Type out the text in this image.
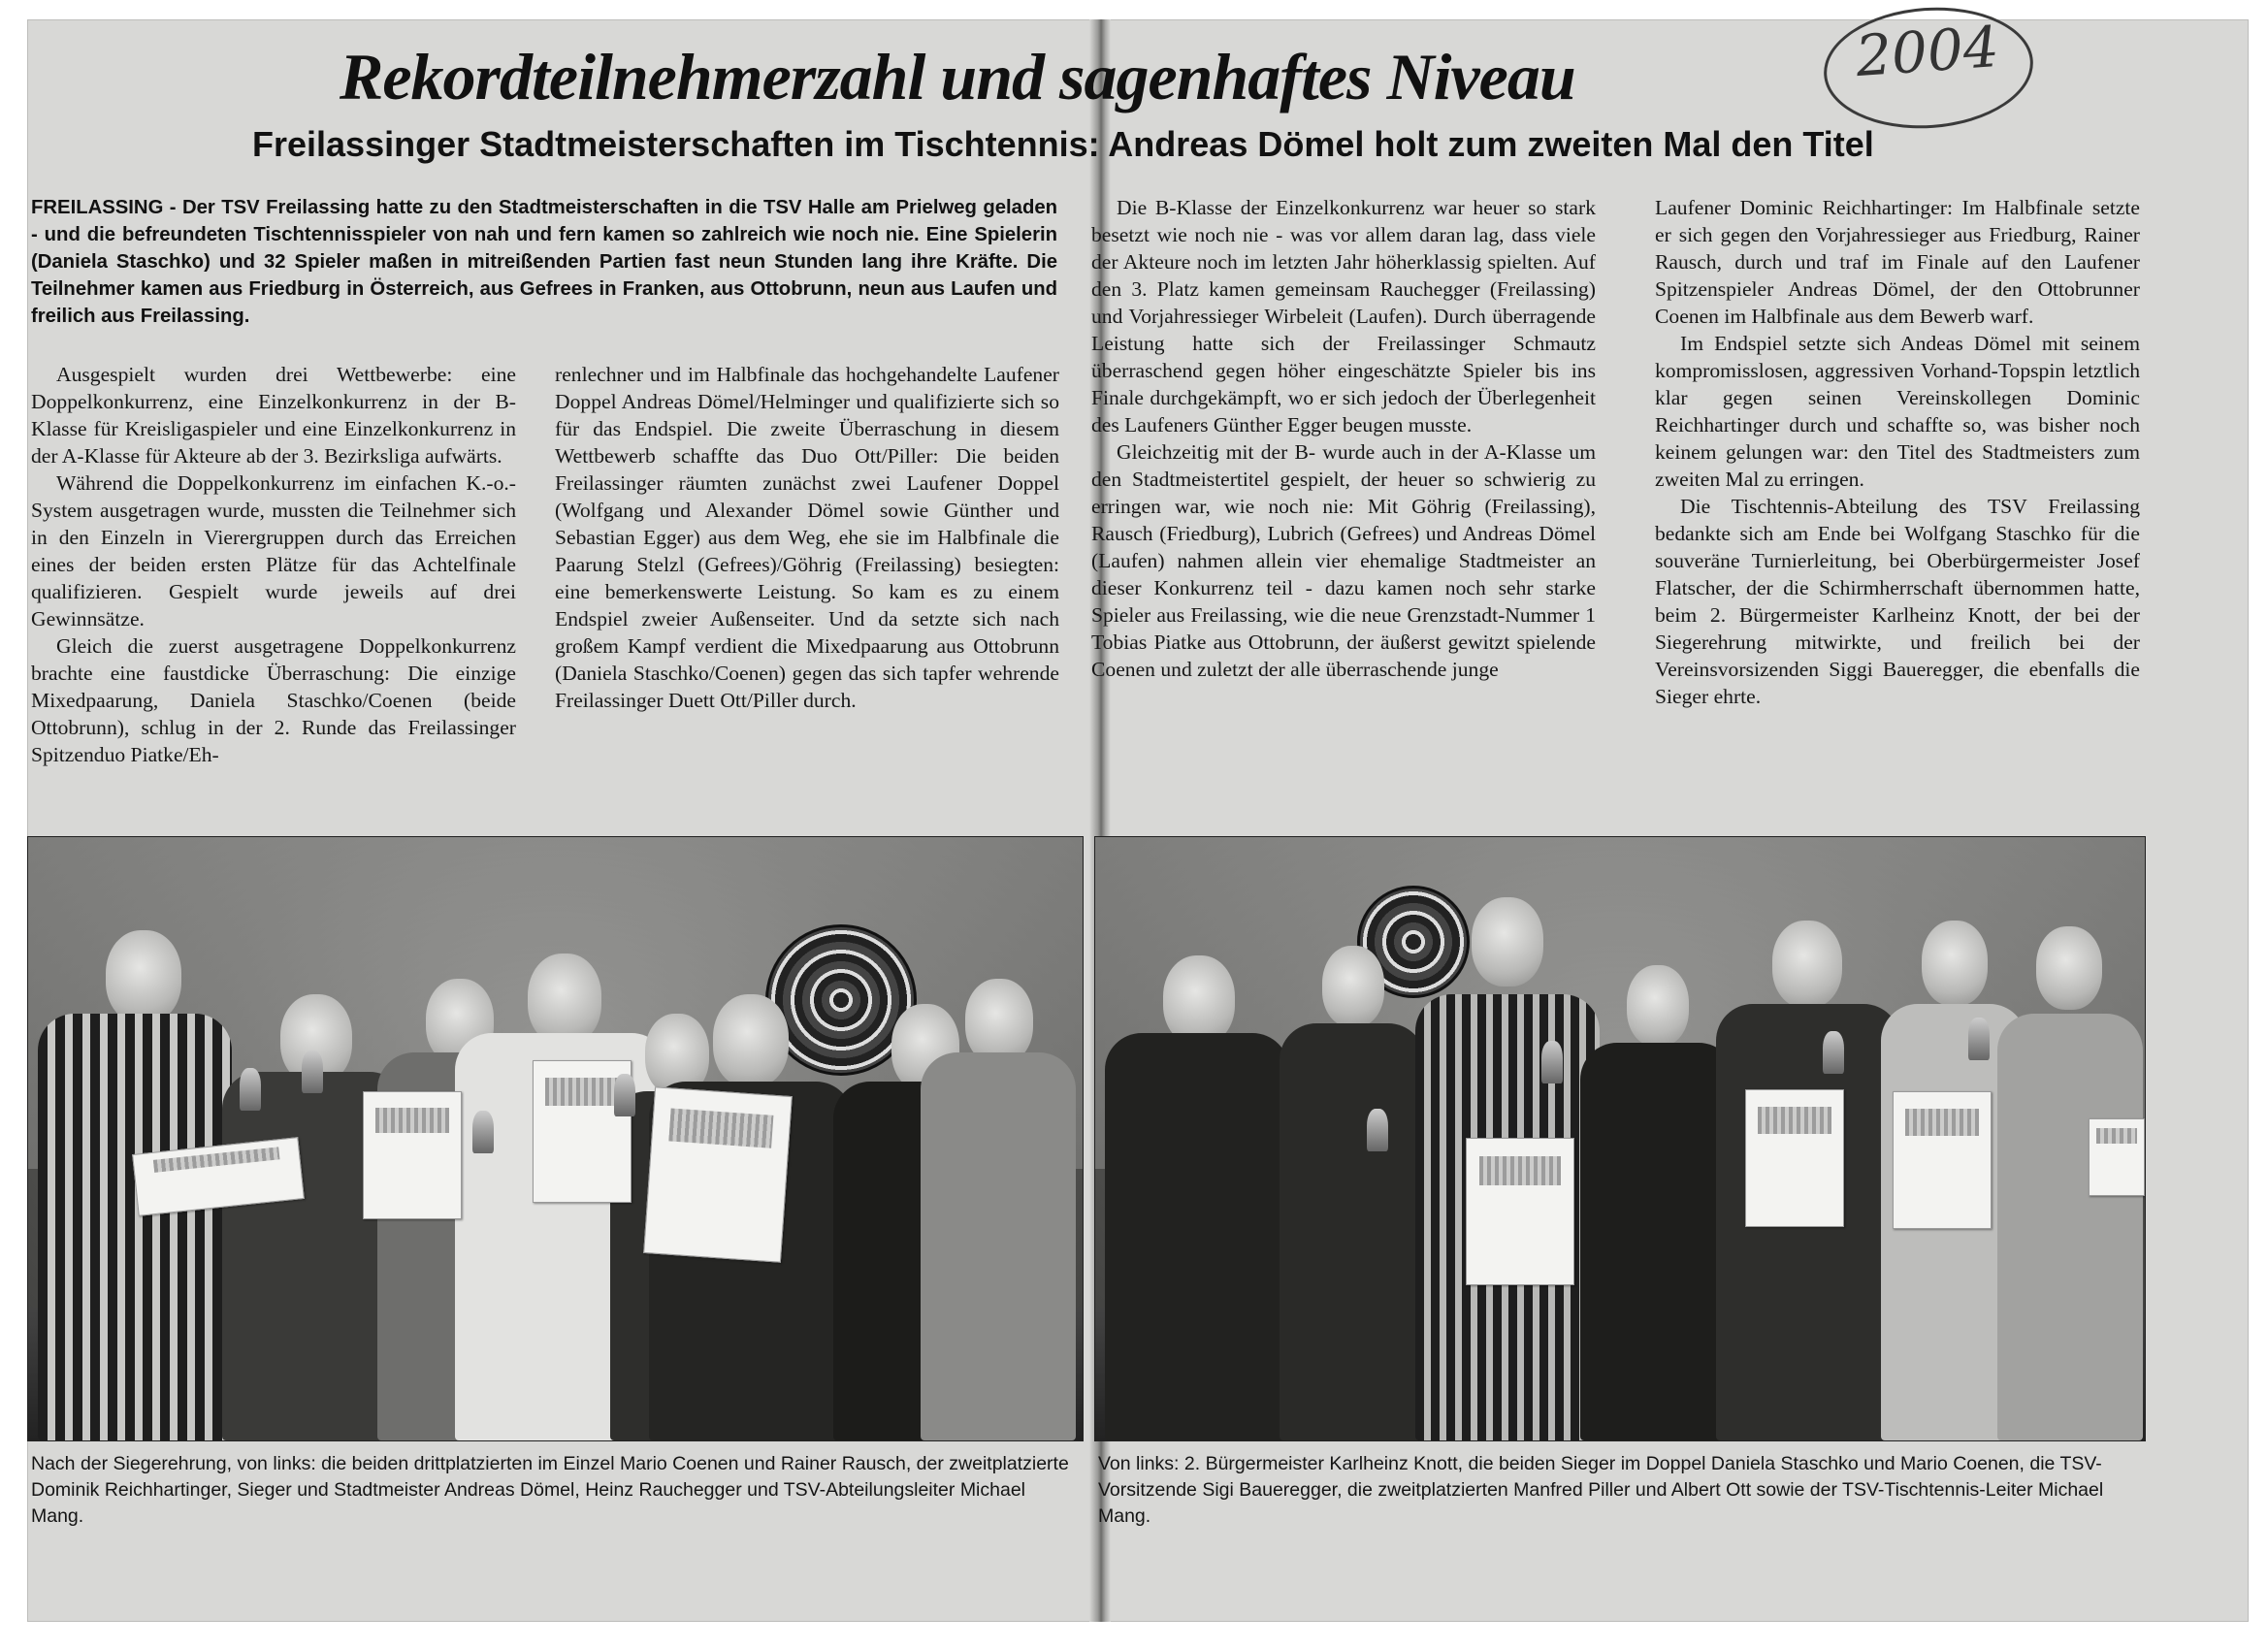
2004
Rekordteilnehmerzahl und sagenhaftes Niveau
Freilassinger Stadtmeisterschaften im Tischtennis: Andreas Dömel holt zum zweiten Mal den Titel
FREILASSING - Der TSV Freilassing hatte zu den Stadtmeisterschaften in die TSV Halle am Prielweg geladen - und die befreundeten Tischtennisspieler von nah und fern kamen so zahlreich wie noch nie. Eine Spielerin (Daniela Staschko) und 32 Spieler maßen in mitreißenden Partien fast neun Stunden lang ihre Kräfte. Die Teilnehmer kamen aus Friedburg in Österreich, aus Gefrees in Franken, aus Ottobrunn, neun aus Laufen und freilich aus Freilassing.

Ausgespielt wurden drei Wettbewerbe: eine Doppelkonkurrenz, eine Einzelkonkurrenz in der B-Klasse für Kreisligaspieler und eine Einzelkonkurrenz in der A-Klasse für Akteure ab der 3. Bezirksliga aufwärts.

Während die Doppelkonkurrenz im einfachen K.-o.-System ausgetragen wurde, mussten die Teilnehmer sich in den Einzeln in Vierergruppen durch das Erreichen eines der beiden ersten Plätze für das Achtelfinale qualifizieren. Gespielt wurde jeweils auf drei Gewinnsätze.

Gleich die zuerst ausgetragene Doppelkonkurrenz brachte eine faustdicke Überraschung: Die einzige Mixedpaarung, Daniela Staschko/Coenen (beide Ottobrunn), schlug in der 2. Runde das Freilassinger Spitzenduo Piatke/Eh-

renlechner und im Halbfinale das hochgehandelte Laufener Doppel Andreas Dömel/Helminger und qualifizierte sich so für das Endspiel. Die zweite Überraschung in diesem Wettbewerb schaffte das Duo Ott/Piller: Die beiden Freilassinger räumten zunächst zwei Laufener Doppel (Wolfgang und Alexander Dömel sowie Günther und Sebastian Egger) aus dem Weg, ehe sie im Halbfinale die Paarung Stelzl (Gefrees)/Göhrig (Freilassing) besiegten: eine bemerkenswerte Leistung. So kam es zu einem Endspiel zweier Außenseiter. Und da setzte sich nach großem Kampf verdient die Mixedpaarung aus Ottobrunn (Daniela Staschko/Coenen) gegen das sich tapfer wehrende Freilassinger Duett Ott/Piller durch.

Die B-Klasse der Einzelkonkurrenz war heuer so stark besetzt wie noch nie - was vor allem daran lag, dass viele der Akteure noch im letzten Jahr höherklassig spielten. Auf den 3. Platz kamen gemeinsam Rauchegger (Freilassing) und Vorjahressieger Wirbeleit (Laufen). Durch überragende Leistung hatte sich der Freilassinger Schmautz überraschend gegen höher eingeschätzte Spieler bis ins Finale durchgekämpft, wo er sich jedoch der Überlegenheit des Laufeners Günther Egger beugen musste.

Gleichzeitig mit der B- wurde auch in der A-Klasse um den Stadtmeistertitel gespielt, der heuer so schwierig zu erringen war, wie noch nie: Mit Göhrig (Freilassing), Rausch (Friedburg), Lubrich (Gefrees) und Andreas Dömel (Laufen) nahmen allein vier ehemalige Stadtmeister an dieser Konkurrenz teil - dazu kamen noch sehr starke Spieler aus Freilassing, wie die neue Grenzstadt-Nummer 1 Tobias Piatke aus Ottobrunn, der äußerst gewitzt spielende Coenen und zuletzt der alle überraschende junge

Laufener Dominic Reichhartinger: Im Halbfinale setzte er sich gegen den Vorjahressieger aus Friedburg, Rainer Rausch, durch und traf im Finale auf den Laufener Spitzenspieler Andreas Dömel, der den Ottobrunner Coenen im Halbfinale aus dem Bewerb warf.

Im Endspiel setzte sich Andeas Dömel mit seinem kompromisslosen, aggressiven Vorhand-Topspin letztlich klar gegen seinen Vereinskollegen Dominic Reichhartinger durch und schaffte so, was bisher noch keinem gelungen war: den Titel des Stadtmeisters zum zweiten Mal zu erringen.

Die Tischtennis-Abteilung des TSV Freilassing bedankte sich am Ende bei Wolfgang Staschko für die souveräne Turnierleitung, bei Oberbürgermeister Josef Flatscher, der die Schirmherrschaft übernommen hatte, beim 2. Bürgermeister Karlheinz Knott, der bei der Siegerehrung mitwirkte, und freilich bei der Vereinsvorsizenden Siggi Baueregger, die ebenfalls die Sieger ehrte.

Nach der Siegerehrung, von links: die beiden drittplatzierten im Einzel Mario Coenen und Rainer Rausch, der zweitplatzierte Dominik Reichhartinger, Sieger und Stadtmeister Andreas Dömel, Heinz Rauchegger und TSV-Abteilungsleiter Michael Mang.
Von links: 2. Bürgermeister Karlheinz Knott, die beiden Sieger im Doppel Daniela Staschko und Mario Coenen, die TSV-Vorsitzende Sigi Baueregger, die zweitplatzierten Manfred Piller und Albert Ott sowie der TSV-Tischtennis-Leiter Michael Mang.
